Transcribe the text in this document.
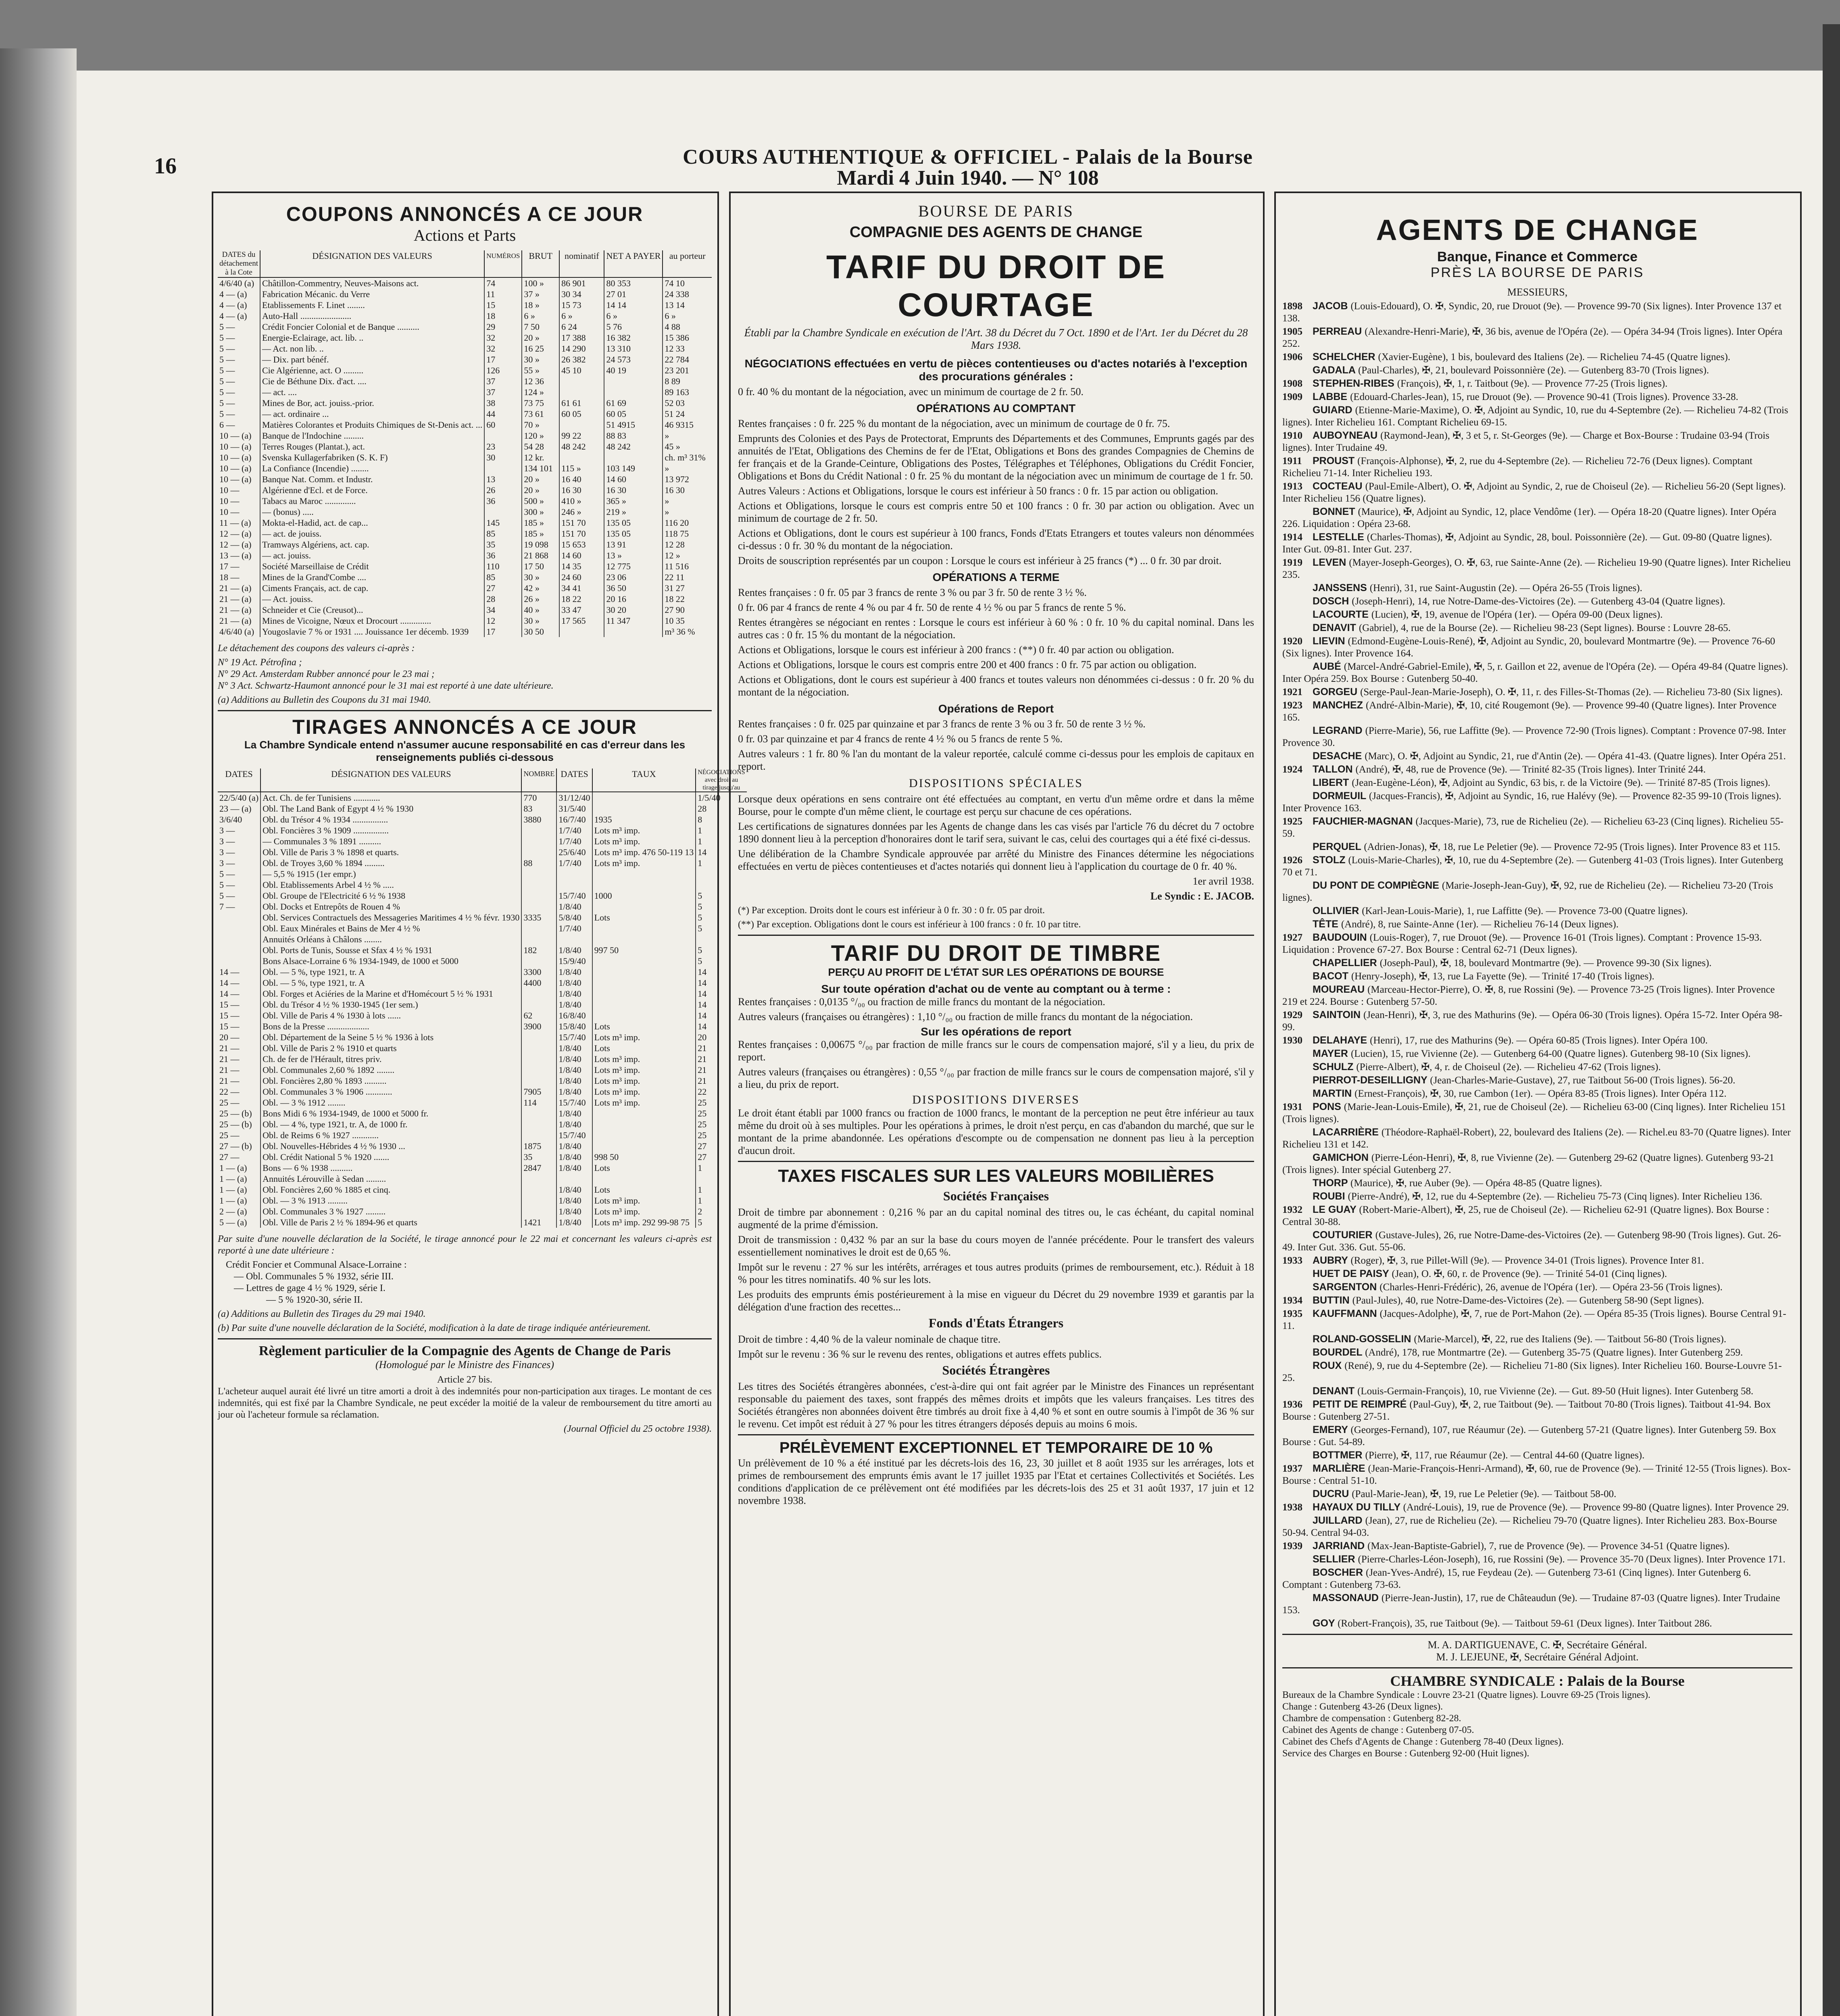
16	COURS AUTHENTIQUE & OFFICIEL - Palais de la Bourse
Mardi 4 Juin 1940. — N° 108
COUPONS ANNONCÉS A CE JOUR
Actions et Parts
DATES du détachement à la Cote	DÉSIGNATION DES VALEURS	NUMÉROS	BRUT	nominatif	NET A PAYER	au porteur
4/6/40 (a)	Châtillon-Commentry, Neuves-Maisons act.	74	100 »	86 901	80 353	74 10
4 — (a)	Fabrication Mécanic. du Verre	11	37 »	30 34	27 01	24 338
4 — (a)	Etablissements F. Linet ........	15	18 »	15 73	14 14	13 14
4 — (a)	Auto-Hall .......................	18	6 »	6 »	6 »	6 »
5 —	Crédit Foncier Colonial et de Banque ..........	29	7 50	6 24	5 76	4 88
5 —	Energie-Eclairage, act. lib. ..	32	20 »	17 388	16 382	15 386
5 —	— Act. non lib. ..	32	16 25	14 290	13 310	12 33
5 —	— Dix. part bénéf.	17	30 »	26 382	24 573	22 784
5 —	Cie Algérienne, act. O .........	126	55 »	45 10	40 19	23 201
5 —	Cie de Béthune Dix. d'act. ....	37	12 36			8 89
5 —	— act. ....	37	124 »			89 163
5 —	Mines de Bor, act. jouiss.-prior.	38	73 75	61 61	61 69	52 03
5 —	— act. ordinaire ...	44	73 61	60 05	60 05	51 24
6 —	Matières Colorantes et Produits Chimiques de St-Denis act. ...	60	70 »		51 4915	46 9315
10 — (a)	Banque de l'Indochine .........		120 »	99 22	88 83	»
10 — (a)	Terres Rouges (Plantat.), act.	23	54 28	48 242	48 242	45 »
10 — (a)	Svenska Kullagerfabriken (S. K. F)	30	12 kr.			ch. m³ 31%
10 — (a)	La Confiance (Incendie) ........		134 101	115 »	103 149	»
10 — (a)	Banque Nat. Comm. et Industr.	13	20 »	16 40	14 60	13 972
10 —	Algérienne d'Ecl. et de Force.	26	20 »	16 30	16 30	16 30
10 —	Tabacs au Maroc ..............	36	500 »	410 »	365 »	»
10 —	— (bonus) .....		300 »	246 »	219 »	»
11 — (a)	Mokta-el-Hadid, act. de cap...	145	185 »	151 70	135 05	116 20
12 — (a)	— act. de jouiss.	85	185 »	151 70	135 05	118 75
12 — (a)	Tramways Algériens, act. cap.	35	19 098	15 653	13 91	12 28
13 — (a)	— act. jouiss.	36	21 868	14 60	13 »	12 »
17 —	Société Marseillaise de Crédit	110	17 50	14 35	12 775	11 516
18 —	Mines de la Grand'Combe ....	85	30 »	24 60	23 06	22 11
21 — (a)	Ciments Français, act. de cap.	27	42 »	34 41	36 50	31 27
21 — (a)	— Act. jouiss.	28	26 »	18 22	20 16	18 22
21 — (a)	Schneider et Cie (Creusot)...	34	40 »	33 47	30 20	27 90
21 — (a)	Mines de Vicoigne, Nœux et Drocourt ..............	12	30 »	17 565	11 347	10 35
4/6/40 (a)	Yougoslavie 7 % or 1931 .... Jouissance 1er décemb. 1939	17	30 50			m³ 36 %
Le détachement des coupons des valeurs ci-après :
N° 19 Act. Pétrofina ;
N° 29 Act. Amsterdam Rubber annoncé pour le 23 mai ;
N° 3 Act. Schwartz-Haumont annoncé pour le 31 mai est reporté à une date ultérieure.
(a) Additions au Bulletin des Coupons du 31 mai 1940.
TIRAGES ANNONCÉS A CE JOUR
La Chambre Syndicale entend n'assumer aucune responsabilité en cas d'erreur dans les renseignements publiés ci-dessous
DATES	DÉSIGNATION DES VALEURS	NOMBRE	DATES	TAUX	NÉGOCIATIONS avec droit au tirage jusqu'au
22/5/40 (a)	Act. Ch. de fer Tunisiens ............	770	31/12/40		1/5/40
23 — (a)	Obl. The Land Bank of Egypt 4 ½ % 1930	83	31/5/40		28
3/6/40	Obl. du Trésor 4 % 1934 ................	3880	16/7/40	1935	8
3 —	Obl. Foncières 3 % 1909 ................		1/7/40	Lots m³ imp.	1
3 —	— Communales 3 % 1891 ..........		1/7/40	Lots m³ imp.	1
3 —	Obl. Ville de Paris 3 % 1898 et quarts.		25/6/40	Lots m³ imp. 476 50-119 13	14
3 —	Obl. de Troyes 3,60 % 1894 .........	88	1/7/40	Lots m³ imp.	1
5 —	— 5,5 % 1915 (1er empr.)				
5 —	Obl. Etablissements Arbel 4 ½ % .....				
5 —	Obl. Groupe de l'Electricité 6 ½ % 1938		15/7/40	1000	5
7 —	Obl. Docks et Entrepôts de Rouen 4 %		1/8/40		5
	Obl. Services Contractuels des Messageries Maritimes 4 ½ % févr. 1930	3335	5/8/40	Lots	5
	Obl. Eaux Minérales et Bains de Mer 4 ½ %		1/7/40		5
	Annuités Orléans à Châlons ........				
	Obl. Ports de Tunis, Sousse et Sfax 4 ½ % 1931	182	1/8/40	997 50	5
	Bons Alsace-Lorraine 6 % 1934-1949, de 1000 et 5000		15/9/40		5
14 —	Obl. — 5 %, type 1921, tr. A	3300	1/8/40		14
14 —	Obl. — 5 %, type 1921, tr. A	4400	1/8/40		14
14 —	Obl. Forges et Aciéries de la Marine et d'Homécourt 5 ½ % 1931		1/8/40		14
15 —	Obl. du Trésor 4 ½ % 1930-1945 (1er sem.)		1/8/40		14
15 —	Obl. Ville de Paris 4 % 1930 à lots ......	62	16/8/40		14
15 —	Bons de la Presse ...................	3900	15/8/40	Lots	14
20 —	Obl. Département de la Seine 5 ½ % 1936 à lots		15/7/40	Lots m³ imp.	20
21 —	Obl. Ville de Paris 2 % 1910 et quarts		1/8/40	Lots	21
21 —	Ch. de fer de l'Hérault, titres priv.		1/8/40	Lots m³ imp.	21
21 —	Obl. Communales 2,60 % 1892 ........		1/8/40	Lots m³ imp.	21
21 —	Obl. Foncières 2,80 % 1893 ..........		1/8/40	Lots m³ imp.	21
22 —	Obl. Communales 3 % 1906 ............	7905	1/8/40	Lots m³ imp.	22
25 —	Obl. — 3 % 1912 ........	114	15/7/40	Lots m³ imp.	25
25 — (b)	Bons Midi 6 % 1934-1949, de 1000 et 5000 fr.		1/8/40		25
25 — (b)	Obl. — 4 %, type 1921, tr. A, de 1000 fr.		1/8/40		25
25 —	Obl. de Reims 6 % 1927 ............		15/7/40		25
27 — (b)	Obl. Nouvelles-Hébrides 4 ½ % 1930 ...	1875	1/8/40		27
27 —	Obl. Crédit National 5 % 1920 .......	35	1/8/40	998 50	27
1 — (a)	Bons — 6 % 1938 ..........	2847	1/8/40	Lots	1
1 — (a)	Annuités Lérouville à Sedan .........				
1 — (a)	Obl. Foncières 2,60 % 1885 et cinq.		1/8/40	Lots	1
1 — (a)	Obl. — 3 % 1913 .........		1/8/40	Lots m³ imp.	1
2 — (a)	Obl. Communales 3 % 1927 .........		1/8/40	Lots m³ imp.	2
5 — (a)	Obl. Ville de Paris 2 ½ % 1894-96 et quarts	1421	1/8/40	Lots m³ imp. 292 99-98 75	5
Par suite d'une nouvelle déclaration de la Société, le tirage annoncé pour le 22 mai et concernant les valeurs ci-après est reporté à une date ultérieure :
Crédit Foncier et Communal Alsace-Lorraine :
— Obl. Communales 5 % 1932, série III.
— Lettres de gage 4 ½ % 1929, série I.
— 5 % 1920-30, série II.
(a) Additions au Bulletin des Tirages du 29 mai 1940.
(b) Par suite d'une nouvelle déclaration de la Société, modification à la date de tirage indiquée antérieurement.
Règlement particulier de la Compagnie des Agents de Change de Paris
(Homologué par le Ministre des Finances)
Article 27 bis.
L'acheteur auquel aurait été livré un titre amorti a droit à des indemnités pour non-participation aux tirages. Le montant de ces indemnités, qui est fixé par la Chambre Syndicale, ne peut excéder la moitié de la valeur de remboursement du titre amorti au jour où l'acheteur formule sa réclamation.
(Journal Officiel du 25 octobre 1938).
BOURSE DE PARIS
COMPAGNIE DES AGENTS DE CHANGE
TARIF DU DROIT DE COURTAGE
Établi par la Chambre Syndicale en exécution de l'Art. 38 du Décret du 7 Oct. 1890 et de l'Art. 1er du Décret du 28 Mars 1938.
NÉGOCIATIONS effectuées en vertu de pièces contentieuses ou d'actes notariés à l'exception des procurations générales :
0 fr. 40 % du montant de la négociation, avec un minimum de courtage de 2 fr. 50.
OPÉRATIONS AU COMPTANT
Rentes françaises : 0 fr. 225 % du montant de la négociation, avec un minimum de courtage de 0 fr. 75.
Emprunts des Colonies et des Pays de Protectorat, Emprunts des Départements et des Communes, Emprunts gagés par des annuités de l'Etat, Obligations des Chemins de fer de l'Etat, Obligations et Bons des grandes Compagnies de Chemins de fer français et de la Grande-Ceinture, Obligations des Postes, Télégraphes et Téléphones, Obligations du Crédit Foncier, Obligations et Bons du Crédit National : 0 fr. 25 % du montant de la négociation avec un minimum de courtage de 1 fr. 50.
Autres Valeurs : Actions et Obligations, lorsque le cours est inférieur à 50 francs : 0 fr. 15 par action ou obligation.
Actions et Obligations, lorsque le cours est compris entre 50 et 100 francs : 0 fr. 30 par action ou obligation. Avec un minimum de courtage de 2 fr. 50.
Actions et Obligations, dont le cours est supérieur à 100 francs, Fonds d'Etats Etrangers et toutes valeurs non dénommées ci-dessus : 0 fr. 30 % du montant de la négociation.
Droits de souscription représentés par un coupon : Lorsque le cours est inférieur à 25 francs (*) ... 0 fr. 30 par droit.
OPÉRATIONS A TERME
Rentes françaises : 0 fr. 05 par 3 francs de rente 3 % ou par 3 fr. 50 de rente 3 ½ %.
0 fr. 06 par 4 francs de rente 4 % ou par 4 fr. 50 de rente 4 ½ % ou par 5 francs de rente 5 %.
Rentes étrangères se négociant en rentes : Lorsque le cours est inférieur à 60 % : 0 fr. 10 % du capital nominal. Dans les autres cas : 0 fr. 15 % du montant de la négociation.
Actions et Obligations, lorsque le cours est inférieur à 200 francs : (**) 0 fr. 40 par action ou obligation.
Actions et Obligations, lorsque le cours est compris entre 200 et 400 francs : 0 fr. 75 par action ou obligation.
Actions et Obligations, dont le cours est supérieur à 400 francs et toutes valeurs non dénommées ci-dessus : 0 fr. 20 % du montant de la négociation.
Opérations de Report
Rentes françaises : 0 fr. 025 par quinzaine et par 3 francs de rente 3 % ou 3 fr. 50 de rente 3 ½ %.
0 fr. 03 par quinzaine et par 4 francs de rente 4 ½ % ou 5 francs de rente 5 %.
Autres valeurs : 1 fr. 80 % l'an du montant de la valeur reportée, calculé comme ci-dessus pour les emplois de capitaux en report.
DISPOSITIONS SPÉCIALES
Lorsque deux opérations en sens contraire ont été effectuées au comptant, en vertu d'un même ordre et dans la même Bourse, pour le compte d'un même client, le courtage est perçu sur chacune de ces opérations.
Les certifications de signatures données par les Agents de change dans les cas visés par l'article 76 du décret du 7 octobre 1890 donnent lieu à la perception d'honoraires dont le tarif sera, suivant le cas, celui des courtages qui a été fixé ci-dessus.
Une délibération de la Chambre Syndicale approuvée par arrêté du Ministre des Finances détermine les négociations effectuées en vertu de pièces contentieuses et d'actes notariés qui donnent lieu à l'application du courtage de 0 fr. 40 %.
1er avril 1938.
Le Syndic : E. JACOB.
(*) Par exception. Droits dont le cours est inférieur à 0 fr. 30 : 0 fr. 05 par droit.
(**) Par exception. Obligations dont le cours est inférieur à 100 francs : 0 fr. 10 par titre.
TARIF DU DROIT DE TIMBRE
PERÇU AU PROFIT DE L'ÉTAT SUR LES OPÉRATIONS DE BOURSE
Sur toute opération d'achat ou de vente au comptant ou à terme :
Rentes françaises : 0,0135 °/₀₀ ou fraction de mille francs du montant de la négociation.
Autres valeurs (françaises ou étrangères) : 1,10 °/₀₀ ou fraction de mille francs du montant de la négociation.
Sur les opérations de report
Rentes françaises : 0,00675 °/₀₀ par fraction de mille francs sur le cours de compensation majoré, s'il y a lieu, du prix de report.
Autres valeurs (françaises ou étrangères) : 0,55 °/₀₀ par fraction de mille francs sur le cours de compensation majoré, s'il y a lieu, du prix de report.
DISPOSITIONS DIVERSES
Le droit étant établi par 1000 francs ou fraction de 1000 francs, le montant de la perception ne peut être inférieur au taux même du droit où à ses multiples. Pour les opérations à primes, le droit n'est perçu, en cas d'abandon du marché, que sur le montant de la prime abandonnée. Les opérations d'escompte ou de compensation ne donnent pas lieu à la perception d'aucun droit.
TAXES FISCALES SUR LES VALEURS MOBILIÈRES
Sociétés Françaises
Droit de timbre par abonnement : 0,216 % par an du capital nominal des titres ou, le cas échéant, du capital nominal augmenté de la prime d'émission.
Droit de transmission : 0,432 % par an sur la base du cours moyen de l'année précédente. Pour le transfert des valeurs essentiellement nominatives le droit est de 0,65 %.
Impôt sur le revenu : 27 % sur les intérêts, arrérages et tous autres produits (primes de remboursement, etc.). Réduit à 18 % pour les titres nominatifs. 40 % sur les lots.
Les produits des emprunts émis postérieurement à la mise en vigueur du Décret du 29 novembre 1939 et garantis par la délégation d'une fraction des recettes...
Fonds d'États Étrangers
Droit de timbre : 4,40 % de la valeur nominale de chaque titre.
Impôt sur le revenu : 36 % sur le revenu des rentes, obligations et autres effets publics.
Sociétés Étrangères
Les titres des Sociétés étrangères abonnées, c'est-à-dire qui ont fait agréer par le Ministre des Finances un représentant responsable du paiement des taxes, sont frappés des mêmes droits et impôts que les valeurs françaises. Les titres des Sociétés étrangères non abonnées doivent être timbrés au droit fixe à 4,40 % et sont en outre soumis à l'impôt de 36 % sur le revenu. Cet impôt est réduit à 27 % pour les titres étrangers déposés depuis au moins 6 mois.
PRÉLÈVEMENT EXCEPTIONNEL ET TEMPORAIRE DE 10 %
Un prélèvement de 10 % a été institué par les décrets-lois des 16, 23, 30 juillet et 8 août 1935 sur les arrérages, lots et primes de remboursement des emprunts émis avant le 17 juillet 1935 par l'Etat et certaines Collectivités et Sociétés. Les conditions d'application de ce prélèvement ont été modifiées par les décrets-lois des 25 et 31 août 1937, 17 juin et 12 novembre 1938.
AGENTS DE CHANGE
Banque, Finance et Commerce
PRÈS LA BOURSE DE PARIS
MESSIEURS,
1898 JACOB (Louis-Edouard), O. ✠, Syndic, 20, rue Drouot (9e). — Provence 99-70 (Six lignes). Inter Provence 137 et 138.
1905 PERREAU (Alexandre-Henri-Marie), ✠, 36 bis, avenue de l'Opéra (2e). — Opéra 34-94 (Trois lignes). Inter Opéra 252.
1906 SCHELCHER (Xavier-Eugène), 1 bis, boulevard des Italiens (2e). — Richelieu 74-45 (Quatre lignes).
GADALA (Paul-Charles), ✠, 21, boulevard Poissonnière (2e). — Gutenberg 83-70 (Trois lignes).
1908 STEPHEN-RIBES (François), ✠, 1, r. Taitbout (9e). — Provence 77-25 (Trois lignes).
1909 LABBE (Edouard-Charles-Jean), 15, rue Drouot (9e). — Provence 90-41 (Trois lignes). Provence 33-28.
GUIARD (Etienne-Marie-Maxime), O. ✠, Adjoint au Syndic, 10, rue du 4-Septembre (2e). — Richelieu 74-82 (Trois lignes). Inter Richelieu 161. Comptant Richelieu 69-15.
1910 AUBOYNEAU (Raymond-Jean), ✠, 3 et 5, r. St-Georges (9e). — Charge et Box-Bourse : Trudaine 03-94 (Trois lignes). Inter Trudaine 49.
1911 PROUST (François-Alphonse), ✠, 2, rue du 4-Septembre (2e). — Richelieu 72-76 (Deux lignes). Comptant Richelieu 71-14. Inter Richelieu 193.
1913 COCTEAU (Paul-Emile-Albert), O. ✠, Adjoint au Syndic, 2, rue de Choiseul (2e). — Richelieu 56-20 (Sept lignes). Inter Richelieu 156 (Quatre lignes).
BONNET (Maurice), ✠, Adjoint au Syndic, 12, place Vendôme (1er). — Opéra 18-20 (Quatre lignes). Inter Opéra 226. Liquidation : Opéra 23-68.
1914 LESTELLE (Charles-Thomas), ✠, Adjoint au Syndic, 28, boul. Poissonnière (2e). — Gut. 09-80 (Quatre lignes). Inter Gut. 09-81. Inter Gut. 237.
1919 LEVEN (Mayer-Joseph-Georges), O. ✠, 63, rue Sainte-Anne (2e). — Richelieu 19-90 (Quatre lignes). Inter Richelieu 235.
JANSSENS (Henri), 31, rue Saint-Augustin (2e). — Opéra 26-55 (Trois lignes).
DOSCH (Joseph-Henri), 14, rue Notre-Dame-des-Victoires (2e). — Gutenberg 43-04 (Quatre lignes).
LACOURTE (Lucien), ✠, 19, avenue de l'Opéra (1er). — Opéra 09-00 (Deux lignes).
DENAVIT (Gabriel), 4, rue de la Bourse (2e). — Richelieu 98-23 (Sept lignes). Bourse : Louvre 28-65.
1920 LIEVIN (Edmond-Eugène-Louis-René), ✠, Adjoint au Syndic, 20, boulevard Montmartre (9e). — Provence 76-60 (Six lignes). Inter Provence 164.
AUBÉ (Marcel-André-Gabriel-Emile), ✠, 5, r. Gaillon et 22, avenue de l'Opéra (2e). — Opéra 49-84 (Quatre lignes). Inter Opéra 259. Box Bourse : Gutenberg 50-40.
1921 GORGEU (Serge-Paul-Jean-Marie-Joseph), O. ✠, 11, r. des Filles-St-Thomas (2e). — Richelieu 73-80 (Six lignes).
1923 MANCHEZ (André-Albin-Marie), ✠, 10, cité Rougemont (9e). — Provence 99-40 (Quatre lignes). Inter Provence 165.
LEGRAND (Pierre-Marie), 56, rue Laffitte (9e). — Provence 72-90 (Trois lignes). Comptant : Provence 07-98. Inter Provence 30.
DESACHE (Marc), O. ✠, Adjoint au Syndic, 21, rue d'Antin (2e). — Opéra 41-43. (Quatre lignes). Inter Opéra 251.
1924 TALLON (André), ✠, 48, rue de Provence (9e). — Trinité 82-35 (Trois lignes). Inter Trinité 244.
LIBERT (Jean-Eugène-Léon), ✠, Adjoint au Syndic, 63 bis, r. de la Victoire (9e). — Trinité 87-85 (Trois lignes).
DORMEUIL (Jacques-Francis), ✠, Adjoint au Syndic, 16, rue Halévy (9e). — Provence 82-35 99-10 (Trois lignes). Inter Provence 163.
1925 FAUCHIER-MAGNAN (Jacques-Marie), 73, rue de Richelieu (2e). — Richelieu 63-23 (Cinq lignes). Richelieu 55-59.
PERQUEL (Adrien-Jonas), ✠, 18, rue Le Peletier (9e). — Provence 72-95 (Trois lignes). Inter Provence 83 et 115.
1926 STOLZ (Louis-Marie-Charles), ✠, 10, rue du 4-Septembre (2e). — Gutenberg 41-03 (Trois lignes). Inter Gutenberg 70 et 71.
DU PONT DE COMPIÈGNE (Marie-Joseph-Jean-Guy), ✠, 92, rue de Richelieu (2e). — Richelieu 73-20 (Trois lignes).
OLLIVIER (Karl-Jean-Louis-Marie), 1, rue Laffitte (9e). — Provence 73-00 (Quatre lignes).
TÊTE (André), 8, rue Sainte-Anne (1er). — Richelieu 76-14 (Deux lignes).
1927 BAUDOUIN (Louis-Roger), 7, rue Drouot (9e). — Provence 16-01 (Trois lignes). Comptant : Provence 15-93. Liquidation : Provence 67-27. Box Bourse : Central 62-71 (Deux lignes).
CHAPELLIER (Joseph-Paul), ✠, 18, boulevard Montmartre (9e). — Provence 99-30 (Six lignes).
BACOT (Henry-Joseph), ✠, 13, rue La Fayette (9e). — Trinité 17-40 (Trois lignes).
MOUREAU (Marceau-Hector-Pierre), O. ✠, 8, rue Rossini (9e). — Provence 73-25 (Trois lignes). Inter Provence 219 et 224. Bourse : Gutenberg 57-50.
1929 SAINTOIN (Jean-Henri), ✠, 3, rue des Mathurins (9e). — Opéra 06-30 (Trois lignes). Opéra 15-72. Inter Opéra 98-99.
1930 DELAHAYE (Henri), 17, rue des Mathurins (9e). — Opéra 60-85 (Trois lignes). Inter Opéra 100.
MAYER (Lucien), 15, rue Vivienne (2e). — Gutenberg 64-00 (Quatre lignes). Gutenberg 98-10 (Six lignes).
SCHULZ (Pierre-Albert), ✠, 4, r. de Choiseul (2e). — Richelieu 47-62 (Trois lignes).
PIERROT-DESEILLIGNY (Jean-Charles-Marie-Gustave), 27, rue Taitbout 56-00 (Trois lignes). 56-20.
MARTIN (Ernest-François), ✠, 30, rue Cambon (1er). — Opéra 83-85 (Trois lignes). Inter Opéra 112.
1931 PONS (Marie-Jean-Louis-Emile), ✠, 21, rue de Choiseul (2e). — Richelieu 63-00 (Cinq lignes). Inter Richelieu 151 (Trois lignes).
LACARRIÈRE (Théodore-Raphaël-Robert), 22, boulevard des Italiens (2e). — Richel.eu 83-70 (Quatre lignes). Inter Richelieu 131 et 142.
GAMICHON (Pierre-Léon-Henri), ✠, 8, rue Vivienne (2e). — Gutenberg 29-62 (Quatre lignes). Gutenberg 93-21 (Trois lignes). Inter spécial Gutenberg 27.
THORP (Maurice), ✠, rue Auber (9e). — Opéra 48-85 (Quatre lignes).
ROUBI (Pierre-André), ✠, 12, rue du 4-Septembre (2e). — Richelieu 75-73 (Cinq lignes). Inter Richelieu 136.
1932 LE GUAY (Robert-Marie-Albert), ✠, 25, rue de Choiseul (2e). — Richelieu 62-91 (Quatre lignes). Box Bourse : Central 30-88.
COUTURIER (Gustave-Jules), 26, rue Notre-Dame-des-Victoires (2e). — Gutenberg 98-90 (Trois lignes). Gut. 26-49. Inter Gut. 336. Gut. 55-06.
1933 AUBRY (Roger), ✠, 3, rue Pillet-Will (9e). — Provence 34-01 (Trois lignes). Provence Inter 81.
HUET DE PAISY (Jean), O. ✠, 60, r. de Provence (9e). — Trinité 54-01 (Cinq lignes).
SARGENTON (Charles-Henri-Frédéric), 26, avenue de l'Opéra (1er). — Opéra 23-56 (Trois lignes).
1934 BUTTIN (Paul-Jules), 40, rue Notre-Dame-des-Victoires (2e). — Gutenberg 58-90 (Sept lignes).
1935 KAUFFMANN (Jacques-Adolphe), ✠, 7, rue de Port-Mahon (2e). — Opéra 85-35 (Trois lignes). Bourse Central 91-11.
ROLAND-GOSSELIN (Marie-Marcel), ✠, 22, rue des Italiens (9e). — Taitbout 56-80 (Trois lignes).
BOURDEL (André), 178, rue Montmartre (2e). — Gutenberg 35-75 (Quatre lignes). Inter Gutenberg 259.
ROUX (René), 9, rue du 4-Septembre (2e). — Richelieu 71-80 (Six lignes). Inter Richelieu 160. Bourse-Louvre 51-25.
DENANT (Louis-Germain-François), 10, rue Vivienne (2e). — Gut. 89-50 (Huit lignes). Inter Gutenberg 58.
1936 PETIT DE REIMPRÉ (Paul-Guy), ✠, 2, rue Taitbout (9e). — Taitbout 70-80 (Trois lignes). Taitbout 41-94. Box Bourse : Gutenberg 27-51.
EMERY (Georges-Fernand), 107, rue Réaumur (2e). — Gutenberg 57-21 (Quatre lignes). Inter Gutenberg 59. Box Bourse : Gut. 54-89.
BOTTMER (Pierre), ✠, 117, rue Réaumur (2e). — Central 44-60 (Quatre lignes).
1937 MARLIÈRE (Jean-Marie-François-Henri-Armand), ✠, 60, rue de Provence (9e). — Trinité 12-55 (Trois lignes). Box-Bourse : Central 51-10.
DUCRU (Paul-Marie-Jean), ✠, 19, rue Le Peletier (9e). — Taitbout 58-00.
1938 HAYAUX DU TILLY (André-Louis), 19, rue de Provence (9e). — Provence 99-80 (Quatre lignes). Inter Provence 29.
JUILLARD (Jean), 27, rue de Richelieu (2e). — Richelieu 79-70 (Quatre lignes). Inter Richelieu 283. Box-Bourse 50-94. Central 94-03.
1939 JARRIAND (Max-Jean-Baptiste-Gabriel), 7, rue de Provence (9e). — Provence 34-51 (Quatre lignes).
SELLIER (Pierre-Charles-Léon-Joseph), 16, rue Rossini (9e). — Provence 35-70 (Deux lignes). Inter Provence 171.
BOSCHER (Jean-Yves-André), 15, rue Feydeau (2e). — Gutenberg 73-61 (Cinq lignes). Inter Gutenberg 6. Comptant : Gutenberg 73-63.
MASSONAUD (Pierre-Jean-Justin), 17, rue de Châteaudun (9e). — Trudaine 87-03 (Quatre lignes). Inter Trudaine 153.
GOY (Robert-François), 35, rue Taitbout (9e). — Taitbout 59-61 (Deux lignes). Inter Taitbout 286.
M. A. DARTIGUENAVE, C. ✠, Secrétaire Général.
M. J. LEJEUNE, ✠, Secrétaire Général Adjoint.
CHAMBRE SYNDICALE : Palais de la Bourse
Bureaux de la Chambre Syndicale : Louvre 23-21 (Quatre lignes). Louvre 69-25 (Trois lignes).
Change : Gutenberg 43-26 (Deux lignes).
Chambre de compensation : Gutenberg 82-28.
Cabinet des Agents de change : Gutenberg 07-05.
Cabinet des Chefs d'Agents de Change : Gutenberg 78-40 (Deux lignes).
Service des Charges en Bourse : Gutenberg 92-00 (Huit lignes).
